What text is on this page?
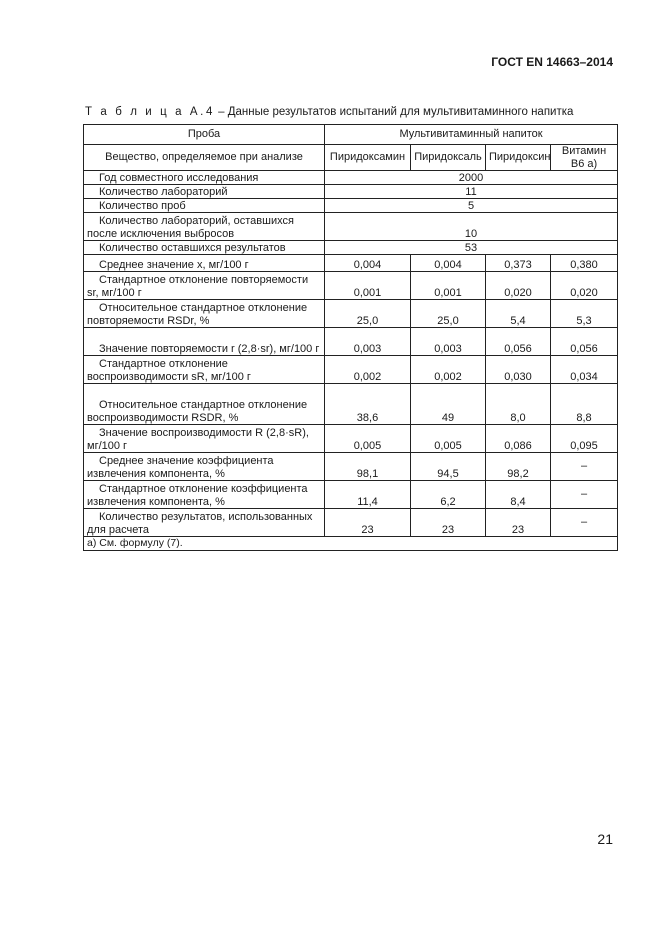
ГОСТ EN 14663–2014
Т а б л и ц а А.4 – Данные результатов испытаний для мультивитаминного напитка
Проба	Мультивитаминный напиток			
Вещество, определяемое при анализе	Пиридоксамин	Пиридоксаль	Пиридоксин	Витамин B6 a)
Год совместного исследования	2000			
Количество лабораторий	11			
Количество проб	5			
Количество лабораторий, оставшихся после исключения выбросов	10			
Количество оставшихся результатов	53			
Среднее значение x, мг/100 г	0,004	0,004	0,373	0,380
Стандартное отклонение повторяемости sr, мг/100 г	0,001	0,001	0,020	0,020
Относительное стандартное отклонение повторяемости RSDr, %	25,0	25,0	5,4	5,3
Значение повторяемости r (2,8·sr), мг/100 г	0,003	0,003	0,056	0,056
Стандартное отклонение воспроизводимости sR, мг/100 г	0,002	0,002	0,030	0,034
Относительное стандартное отклонение воспроизводимости RSDR, %	38,6	49	8,0	8,8
Значение воспроизводимости R (2,8·sR), мг/100 г	0,005	0,005	0,086	0,095
Среднее значение коэффициента извлечения компонента, %	98,1	94,5	98,2	–
Стандартное отклонение коэффициента извлечения компонента, %	11,4	6,2	8,4	–
Количество результатов, использованных для расчета	23	23	23	–
a) См. формулу (7).				
21
